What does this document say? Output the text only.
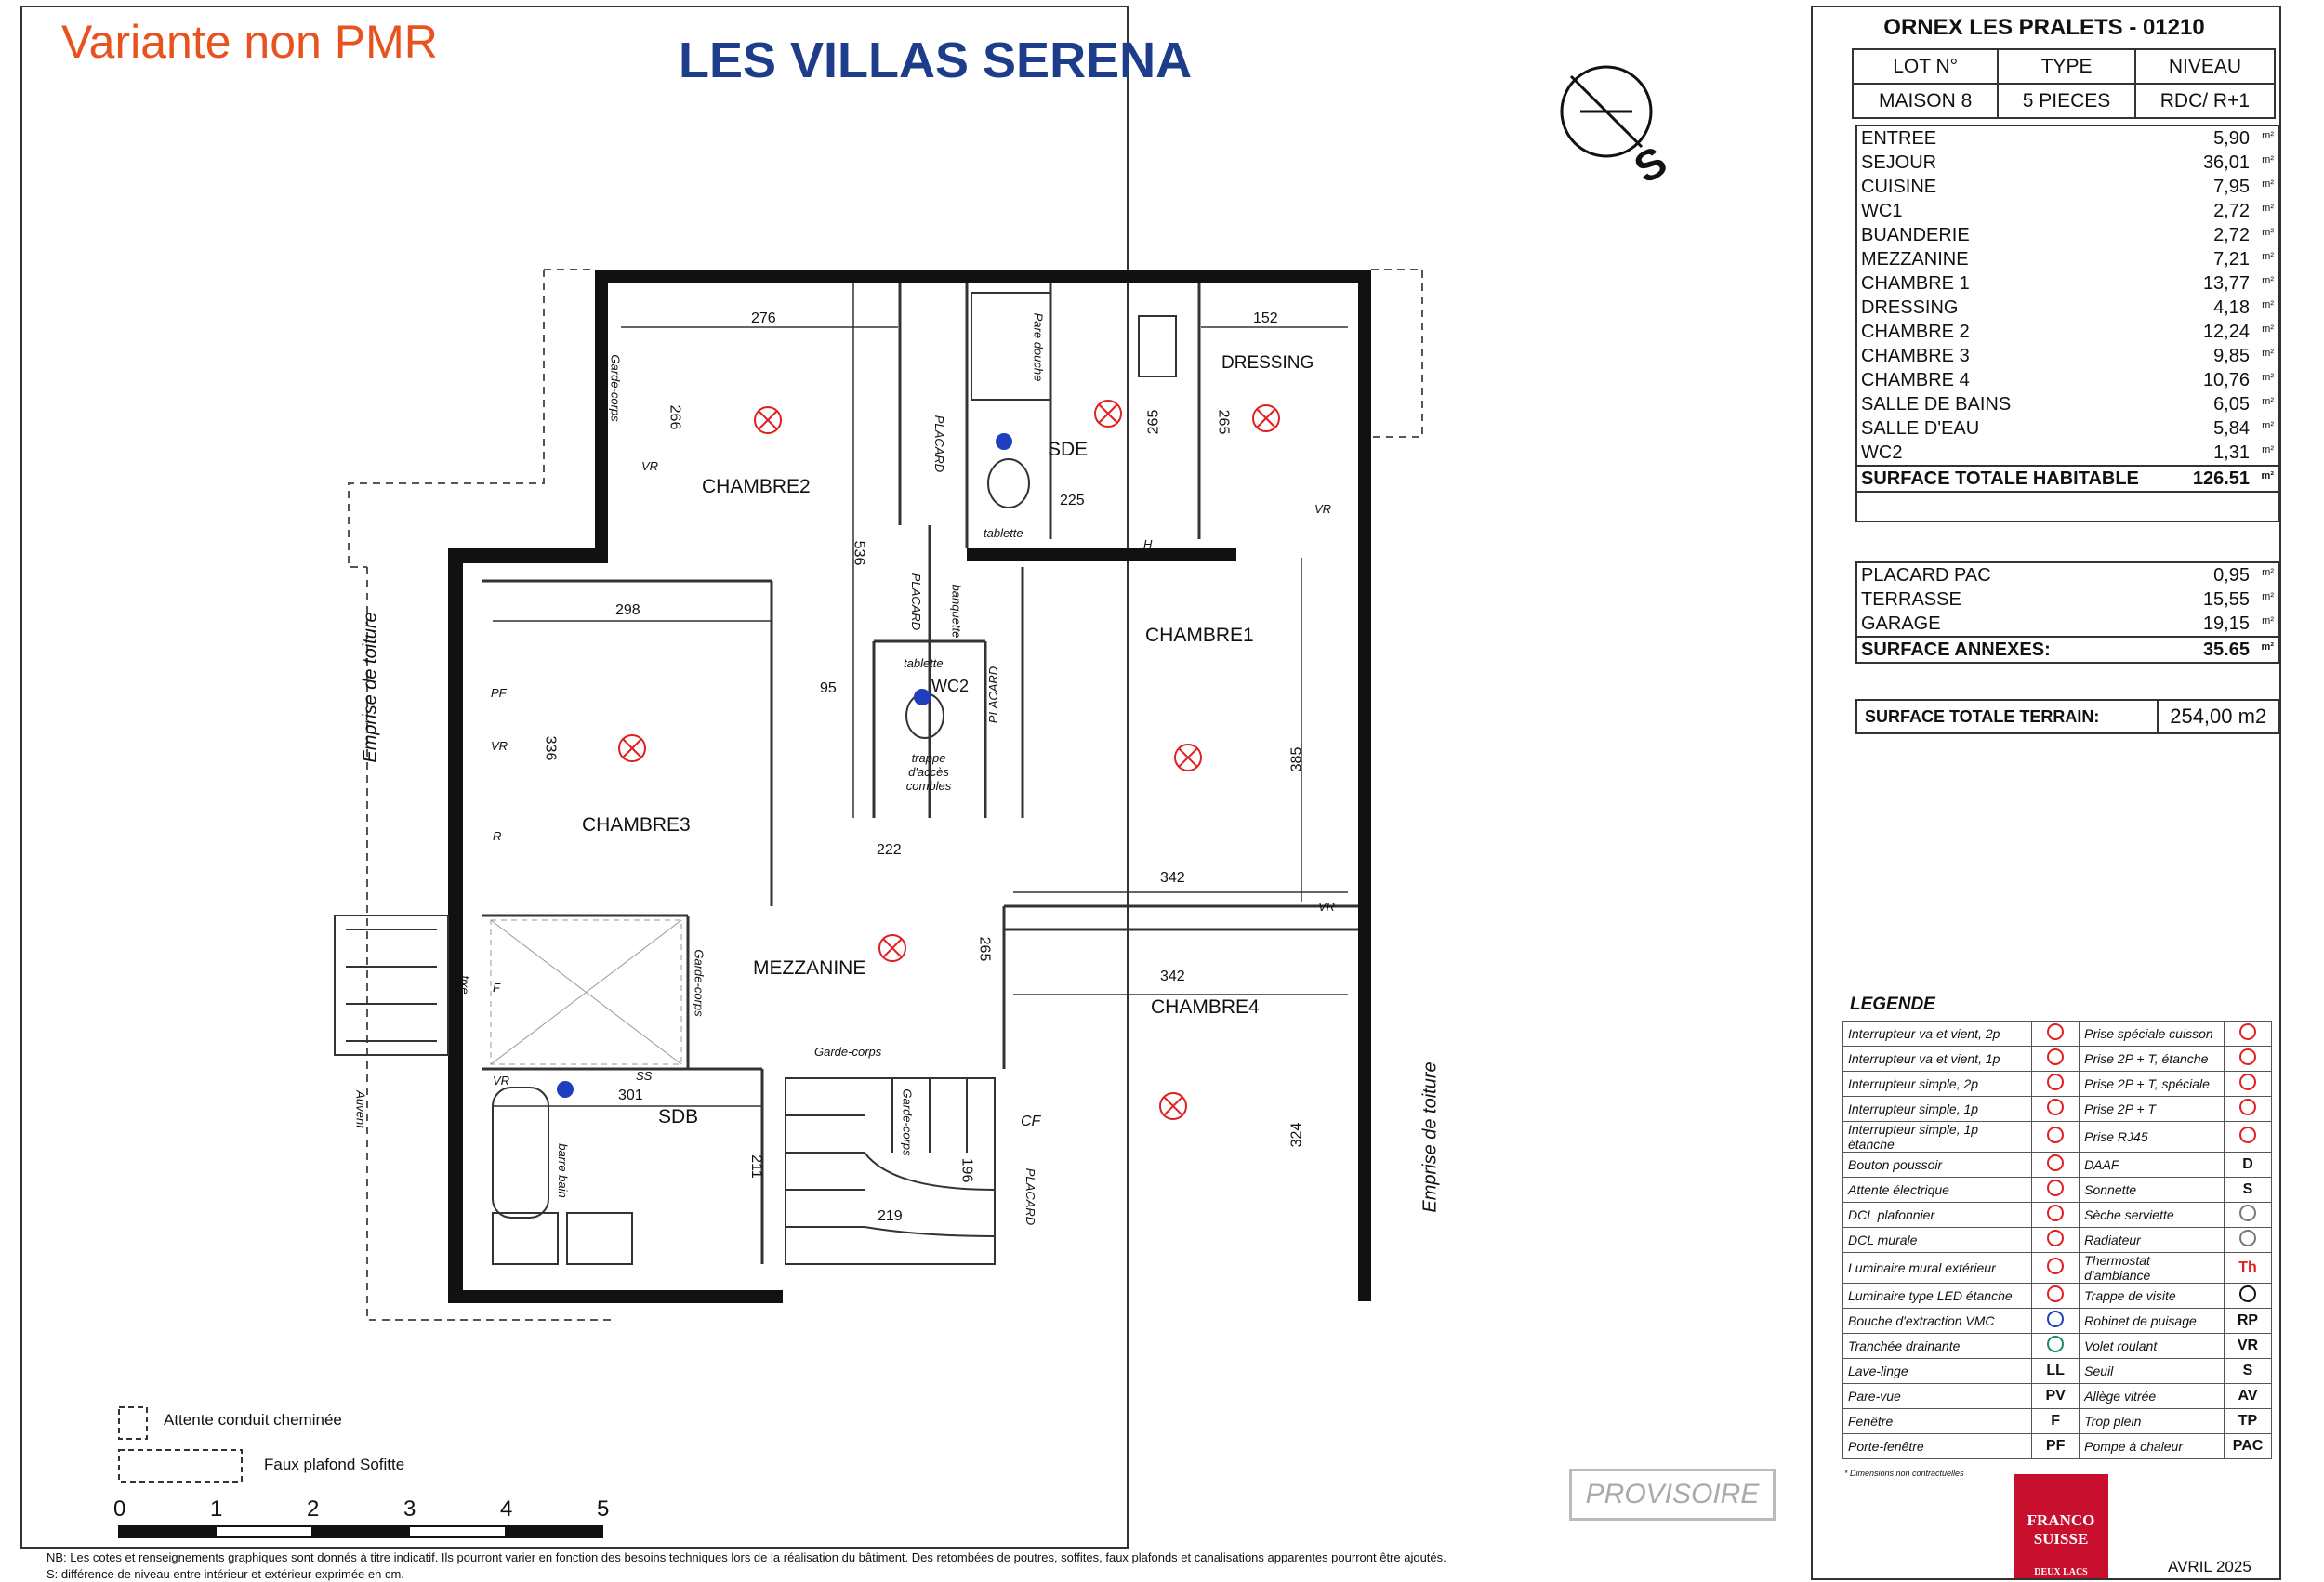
Variante non PMR	LES VILLAS SERENA
S
CHAMBRE2
CHAMBRE1
CHAMBRE3
CHAMBRE4
MEZZANINE
SDE
SDB
WC2
DRESSING
276	152
266	265	265
225
536
298
336
95
222
342
342
385
265
301
211	196
219
324
PLACARD
PLACARD
PLACARD
PLACARD
tablette
tablette
banquette
Pare douche
trappe d'accès combles
Garde-corps
Garde-corps
Garde-corps
Garde-corps
CF
fixe
Auvent
SS
barre bain
Emprise de toiture
Emprise de toiture
VR
VR
VR
VR
VR
PF
F
R
H
Attente conduit cheminée
Faux plafond Sofitte
0	1	2	3	4	5	PROVISOIRE
NB: Les cotes et renseignements graphiques sont donnés à titre indicatif. Ils pourront varier en fonction des besoins techniques lors de la réalisation du bâtiment. Des retombées de poutres, soffites, faux plafonds et canalisations apparentes pourront être ajoutés.
S: différence de niveau entre intérieur et extérieur exprimée en cm.
ORNEX LES PRALETS - 01210
LOT N°	TYPE	NIVEAU
MAISON 8	5 PIECES	RDC/ R+1
ENTREE	5,90 m²

SEJOUR	36,01 m²

CUISINE	7,95 m²

WC1	2,72 m²

BUANDERIE	2,72 m²

MEZZANINE	7,21 m²

CHAMBRE 1	13,77 m²

DRESSING	4,18 m²

CHAMBRE 2	12,24 m²

CHAMBRE 3	9,85 m²

CHAMBRE 4	10,76 m²

SALLE DE BAINS	6,05 m²

SALLE D'EAU	5,84 m²

WC2	1,31 m²

SURFACE TOTALE HABITABLE	126.51 m²

PLACARD PAC	0,95 m²

TERRASSE	15,55 m²

GARAGE	19,15 m²

SURFACE ANNEXES:	35.65 m²
SURFACE TOTALE TERRAIN:	254,00 m2
LEGENDE
Interrupteur va et vient, 2p		Prise spéciale cuisson	
Interrupteur va et vient, 1p		Prise 2P + T, étanche	
Interrupteur simple, 2p		Prise 2P + T, spéciale	
Interrupteur simple, 1p		Prise 2P + T	
Interrupteur simple, 1p étanche		Prise RJ45	
Bouton poussoir		DAAF	D
Attente électrique		Sonnette	S
DCL plafonnier		Sèche serviette	
DCL murale		Radiateur	
Luminaire mural extérieur		Thermostat d'ambiance	Th
Luminaire type LED étanche		Trappe de visite	
Bouche d'extraction VMC		Robinet de puisage	RP
Tranchée drainante		Volet roulant	VR
Lave-linge	LL	Seuil	S
Pare-vue	PV	Allège vitrée	AV
Fenêtre	F	Trop plein	TP
Porte-fenêtre	PF	Pompe à chaleur	PAC
* Dimensions non contractuelles
FRANCO
SUISSE
DEUX LACS	AVRIL 2025
